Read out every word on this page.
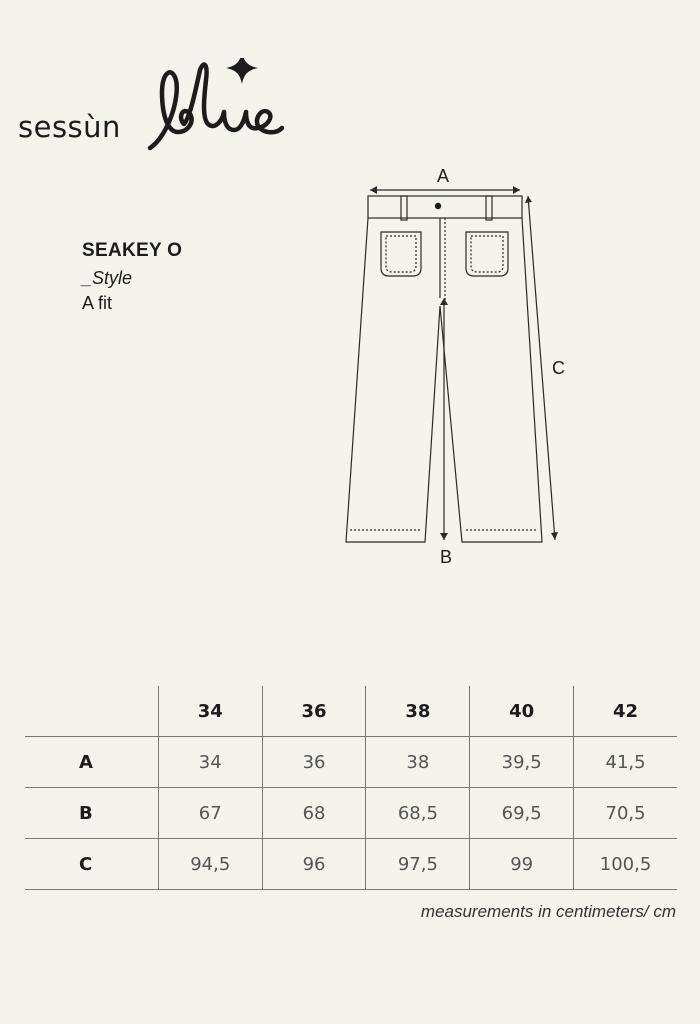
sessùn
SEAKEY O
_Style
A fit
A
B
C
	34	36	38	40	42
A	34	36	38	39,5	41,5
B	67	68	68,5	69,5	70,5
C	94,5	96	97,5	99	100,5
measurements in centimeters/ cm
